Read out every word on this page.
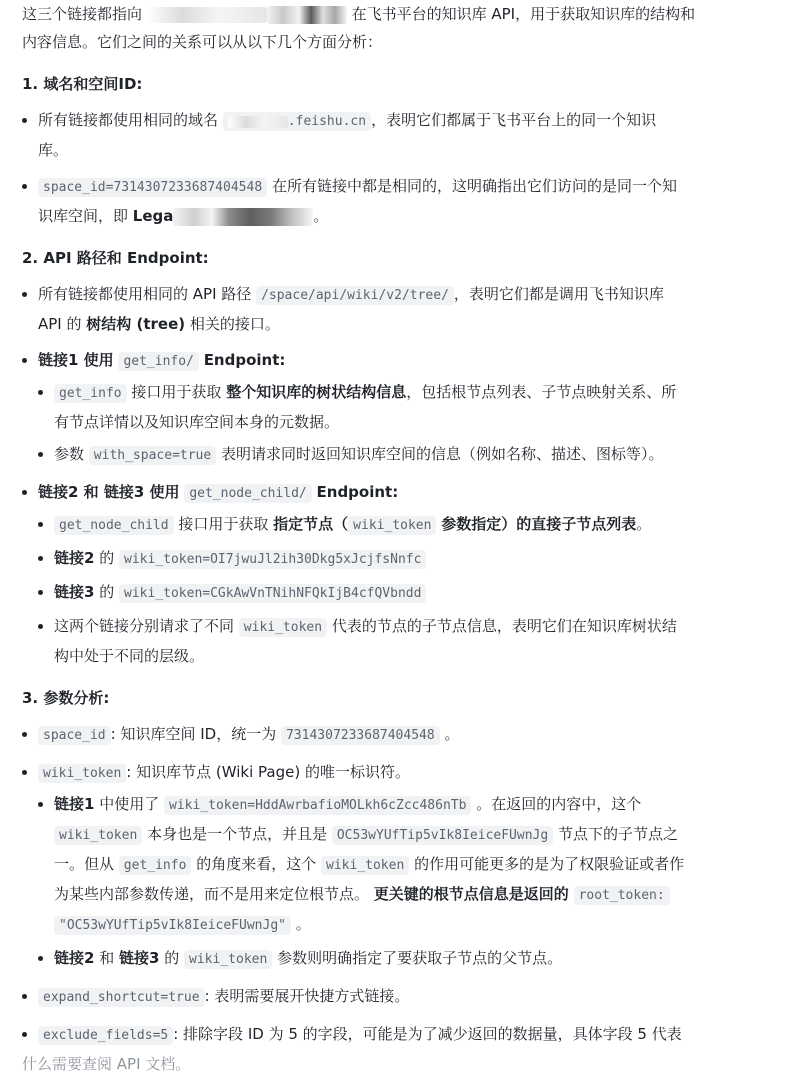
这三个链接都指向	在飞书平台的知识库 API，用于获取知识库的结构和
内容信息。它们之间的关系可以从以下几个方面分析：

1. 域名和空间ID:
所有链接都使用相同的域名	.feishu.cn ，表明它们都属于飞书平台上的同一个知识
库。
space_id=7314307233687404548 在所有链接中都是相同的，这明确指出它们访问的是同一个知
识库空间，即 Lega	。
2. API 路径和 Endpoint:
所有链接都使用相同的 API 路径 /space/api/wiki/v2/tree/ ，表明它们都是调用飞书知识库
API 的 树结构 (tree) 相关的接口。
链接1 使用 get_info/ Endpoint:
get_info 接口用于获取 整个知识库的树状结构信息，包括根节点列表、子节点映射关系、所
有节点详情以及知识库空间本身的元数据。
参数 with_space=true 表明请求同时返回知识库空间的信息（例如名称、描述、图标等）。
链接2 和 链接3 使用 get_node_child/ Endpoint:
get_node_child 接口用于获取 指定节点（ wiki_token 参数指定）的直接子节点列表。
链接2 的 wiki_token=OI7jwuJl2ih30Dkg5xJcjfsNnfc
链接3 的 wiki_token=CGkAwVnTNihNFQkIjB4cfQVbndd
这两个链接分别请求了不同 wiki_token 代表的节点的子节点信息，表明它们在知识库树状结
构中处于不同的层级。
3. 参数分析:
space_id : 知识库空间 ID，统一为 7314307233687404548 。
wiki_token : 知识库节点 (Wiki Page) 的唯一标识符。
链接1 中使用了 wiki_token=HddAwrbafioMOLkh6cZcc486nTb 。在返回的内容中，这个
wiki_token 本身也是一个节点，并且是 OC53wYUfTip5vIk8IeiceFUwnJg 节点下的子节点之
一。但从 get_info 的角度来看，这个 wiki_token 的作用可能更多的是为了权限验证或者作
为某些内部参数传递，而不是用来定位根节点。 更关键的根节点信息是返回的 root_token:
"OC53wYUfTip5vIk8IeiceFUwnJg" 。
链接2 和 链接3 的 wiki_token 参数则明确指定了要获取子节点的父节点。
expand_shortcut=true : 表明需要展开快捷方式链接。
exclude_fields=5 : 排除字段 ID 为 5 的字段，可能是为了减少返回的数据量，具体字段 5 代表
什么需要查阅 API 文档。
